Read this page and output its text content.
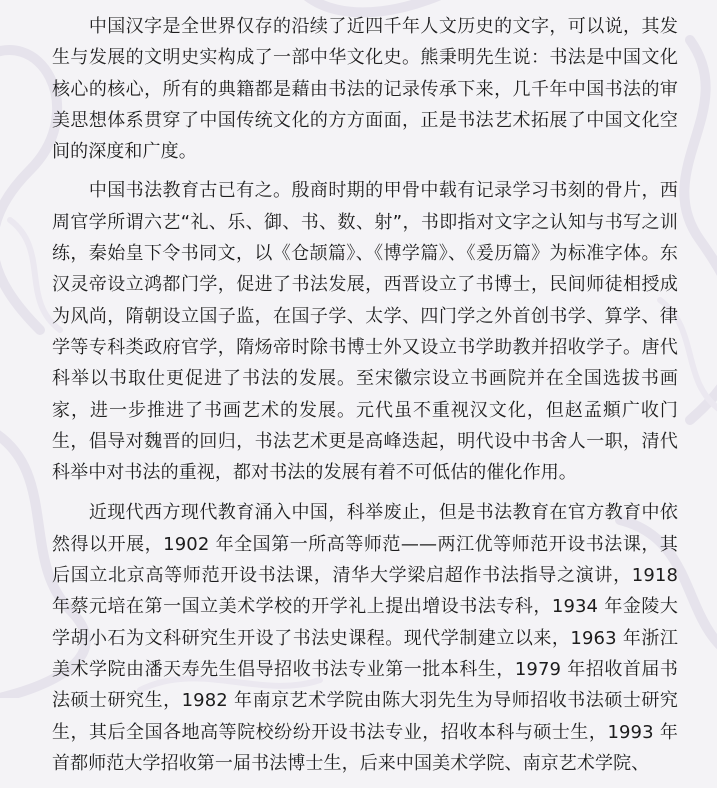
　　中国汉字是全世界仅存的沿续了近四千年人文历史的文字，可以说，其发生与发展的文明史实构成了一部中华文化史。熊秉明先生说：书法是中国文化核心的核心，所有的典籍都是藉由书法的记录传承下来，几千年中国书法的审美思想体系贯穿了中国传统文化的方方面面，正是书法艺术拓展了中国文化空间的深度和广度。

　　中国书法教育古已有之。殷商时期的甲骨中载有记录学习书刻的骨片，西周官学所谓六艺“礼、乐、御、书、数、射”，书即指对文字之认知与书写之训练，秦始皇下令书同文，以《仓颉篇》、《博学篇》、《爰历篇》为标准字体。东汉灵帝设立鸿都门学，促进了书法发展，西晋设立了书博士，民间师徒相授成为风尚，隋朝设立国子监，在国子学、太学、四门学之外首创书学、算学、律学等专科类政府官学，隋炀帝时除书博士外又设立书学助教并招收学子。唐代科举以书取仕更促进了书法的发展。至宋徽宗设立书画院并在全国选拔书画家，进一步推进了书画艺术的发展。元代虽不重视汉文化，但赵孟頫广收门生，倡导对魏晋的回归，书法艺术更是高峰迭起，明代设中书舍人一职，清代科举中对书法的重视，都对书法的发展有着不可低估的催化作用。

　　近现代西方现代教育涌入中国，科举废止，但是书法教育在官方教育中依然得以开展，1902 年全国第一所高等师范——两江优等师范开设书法课，其后国立北京高等师范开设书法课，清华大学梁启超作书法指导之演讲，1918 年蔡元培在第一国立美术学校的开学礼上提出增设书法专科，1934 年金陵大学胡小石为文科研究生开设了书法史课程。现代学制建立以来，1963 年浙江美术学院由潘天寿先生倡导招收书法专业第一批本科生，1979 年招收首届书法硕士研究生，1982 年南京艺术学院由陈大羽先生为导师招收书法硕士研究生，其后全国各地高等院校纷纷开设书法专业，招收本科与硕士生，1993 年首都师范大学招收第一届书法博士生，后来中国美术学院、南京艺术学院、
